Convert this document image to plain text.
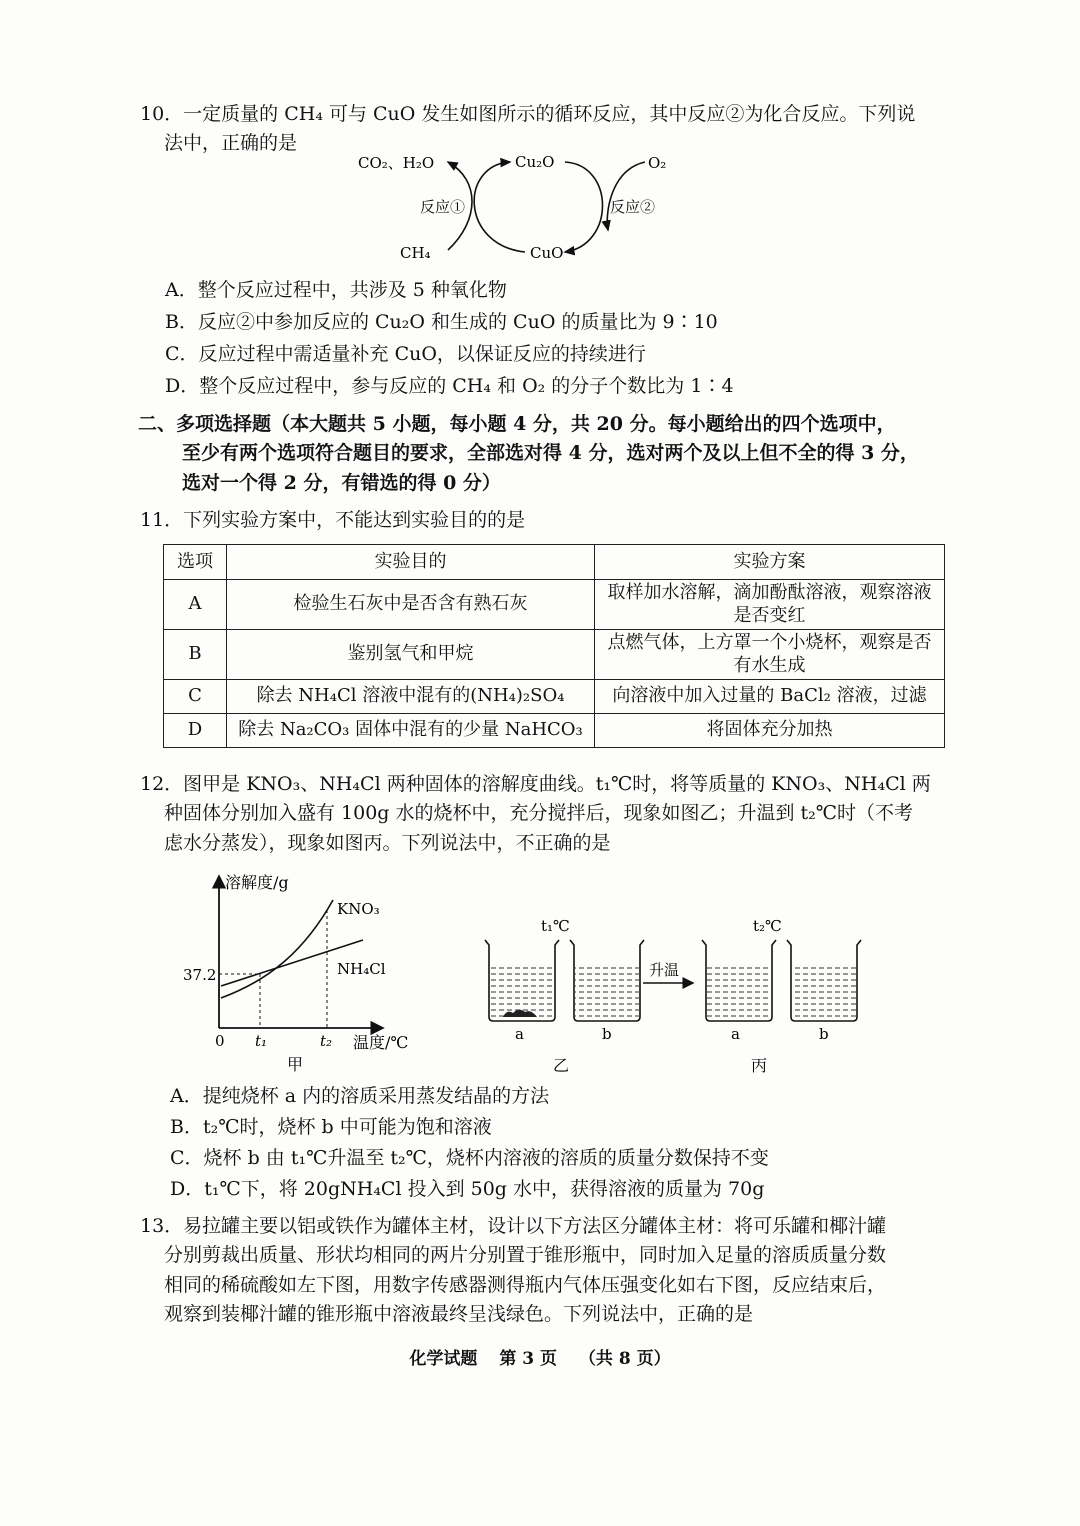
10．一定质量的 CH₄ 可与 CuO 发生如图所示的循环反应，其中反应②为化合反应。下列说
法中，正确的是
CO₂、H₂O	Cu₂O	O₂
反应①	反应②
CH₄	CuO
A．整个反应过程中，共涉及 5 种氧化物
B．反应②中参加反应的 Cu₂O 和生成的 CuO 的质量比为 9∶10
C．反应过程中需适量补充 CuO，以保证反应的持续进行
D．整个反应过程中，参与反应的 CH₄ 和 O₂ 的分子个数比为 1∶4
二、多项选择题（本大题共 5 小题，每小题 4 分，共 20 分。每小题给出的四个选项中，
至少有两个选项符合题目的要求，全部选对得 4 分，选对两个及以上但不全的得 3 分，
选对一个得 2 分，有错选的得 0 分）
11．下列实验方案中，不能达到实验目的的是
选项	实验目的	实验方案
A	检验生石灰中是否含有熟石灰	取样加水溶解，滴加酚酞溶液，观察溶液是否变红
B	鉴别氢气和甲烷	点燃气体，上方罩一个小烧杯，观察是否有水生成
C	除去 NH₄Cl 溶液中混有的(NH₄)₂SO₄	向溶液中加入过量的 BaCl₂ 溶液，过滤
D	除去 Na₂CO₃ 固体中混有的少量 NaHCO₃	将固体充分加热
12．图甲是 KNO₃、NH₄Cl 两种固体的溶解度曲线。t₁℃时，将等质量的 KNO₃、NH₄Cl 两
种固体分别加入盛有 100g 水的烧杯中，充分搅拌后，现象如图乙；升温到 t₂℃时（不考
虑水分蒸发），现象如图丙。下列说法中，不正确的是
溶解度/g
KNO₃
NH₄Cl
37.2
0 t₁	t₂ 温度/℃
甲
t₁℃	t₂℃
升温
a	b	a	b
乙	丙
A．提纯烧杯 a 内的溶质采用蒸发结晶的方法
B．t₂℃时，烧杯 b 中可能为饱和溶液
C．烧杯 b 由 t₁℃升温至 t₂℃，烧杯内溶液的溶质的质量分数保持不变
D．t₁℃下，将 20gNH₄Cl 投入到 50g 水中，获得溶液的质量为 70g
13．易拉罐主要以铝或铁作为罐体主材，设计以下方法区分罐体主材：将可乐罐和椰汁罐
分别剪裁出质量、形状均相同的两片分别置于锥形瓶中，同时加入足量的溶质质量分数
相同的稀硫酸如左下图，用数字传感器测得瓶内气体压强变化如右下图，反应结束后，
观察到装椰汁罐的锥形瓶中溶液最终呈浅绿色。下列说法中，正确的是
化学试题 第 3 页 （共 8 页）
